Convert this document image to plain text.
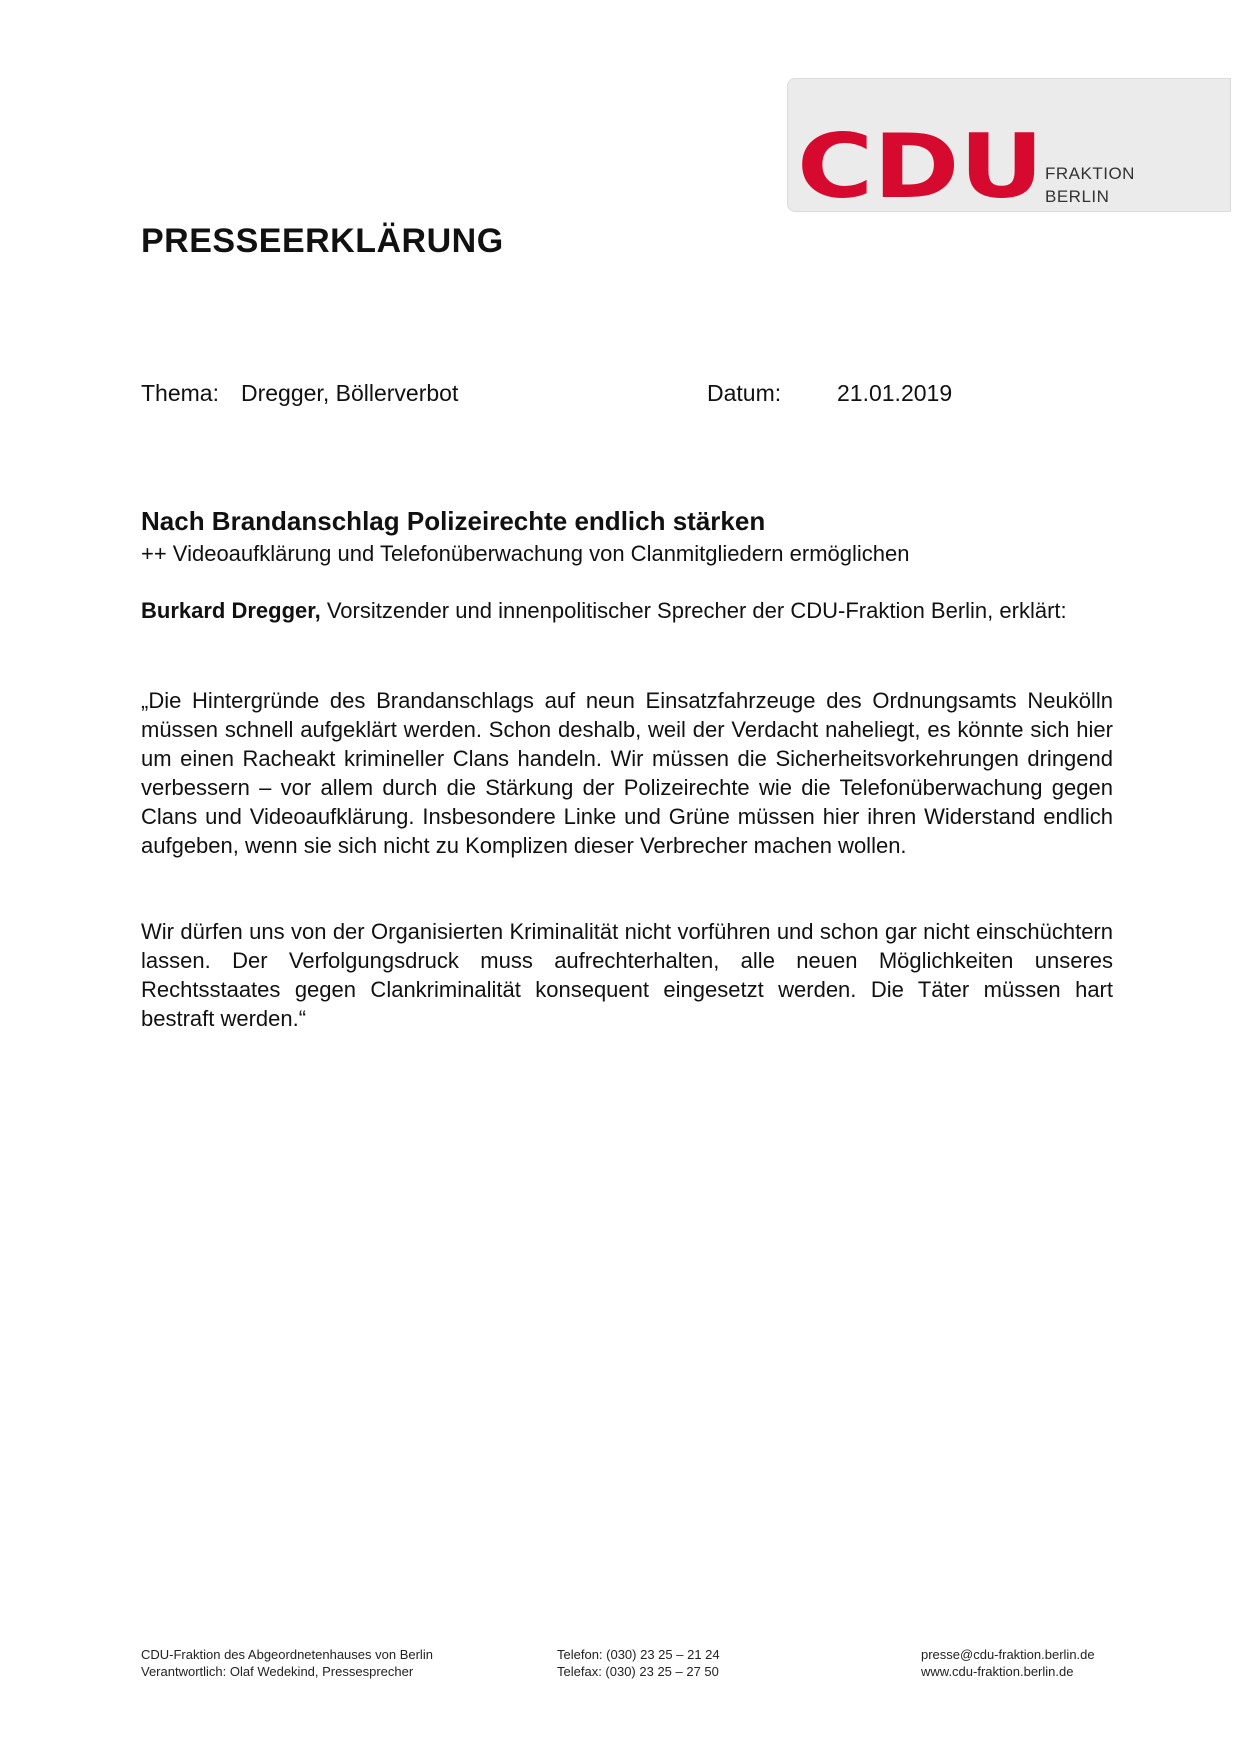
CDU FRAKTION
BERLIN
PRESSEERKLÄRUNG
Thema: Dregger, Böllerverbot	Datum: 21.01.2019
Nach Brandanschlag Polizeirechte endlich stärken
++ Videoaufklärung und Telefonüberwachung von Clanmitgliedern ermöglichen
Burkard Dregger, Vorsitzender und innenpolitischer Sprecher der CDU-Fraktion Berlin, erklärt:
„Die Hintergründe des Brandanschlags auf neun Einsatzfahrzeuge des Ordnungsamts Neukölln müssen schnell aufgeklärt werden. Schon deshalb, weil der Verdacht naheliegt, es könnte sich hier um einen Racheakt krimineller Clans handeln. Wir müssen die Sicherheitsvorkehrungen dringend verbessern – vor allem durch die Stärkung der Polizeirechte wie die Telefonüberwachung gegen Clans und Videoaufklärung. Insbesondere Linke und Grüne müssen hier ihren Widerstand endlich aufgeben, wenn sie sich nicht zu Komplizen dieser Verbrecher machen wollen.
Wir dürfen uns von der Organisierten Kriminalität nicht vorführen und schon gar nicht einschüchtern lassen. Der Verfolgungsdruck muss aufrechterhalten, alle neuen Möglichkeiten unseres Rechtsstaates gegen Clankriminalität konsequent eingesetzt werden. Die Täter müssen hart bestraft werden.“
CDU-Fraktion des Abgeordnetenhauses von Berlin
Verantwortlich: Olaf Wedekind, Pressesprecher
Telefon: (030) 23 25 – 21 24
Telefax: (030) 23 25 – 27 50
presse@cdu-fraktion.berlin.de
www.cdu-fraktion.berlin.de
